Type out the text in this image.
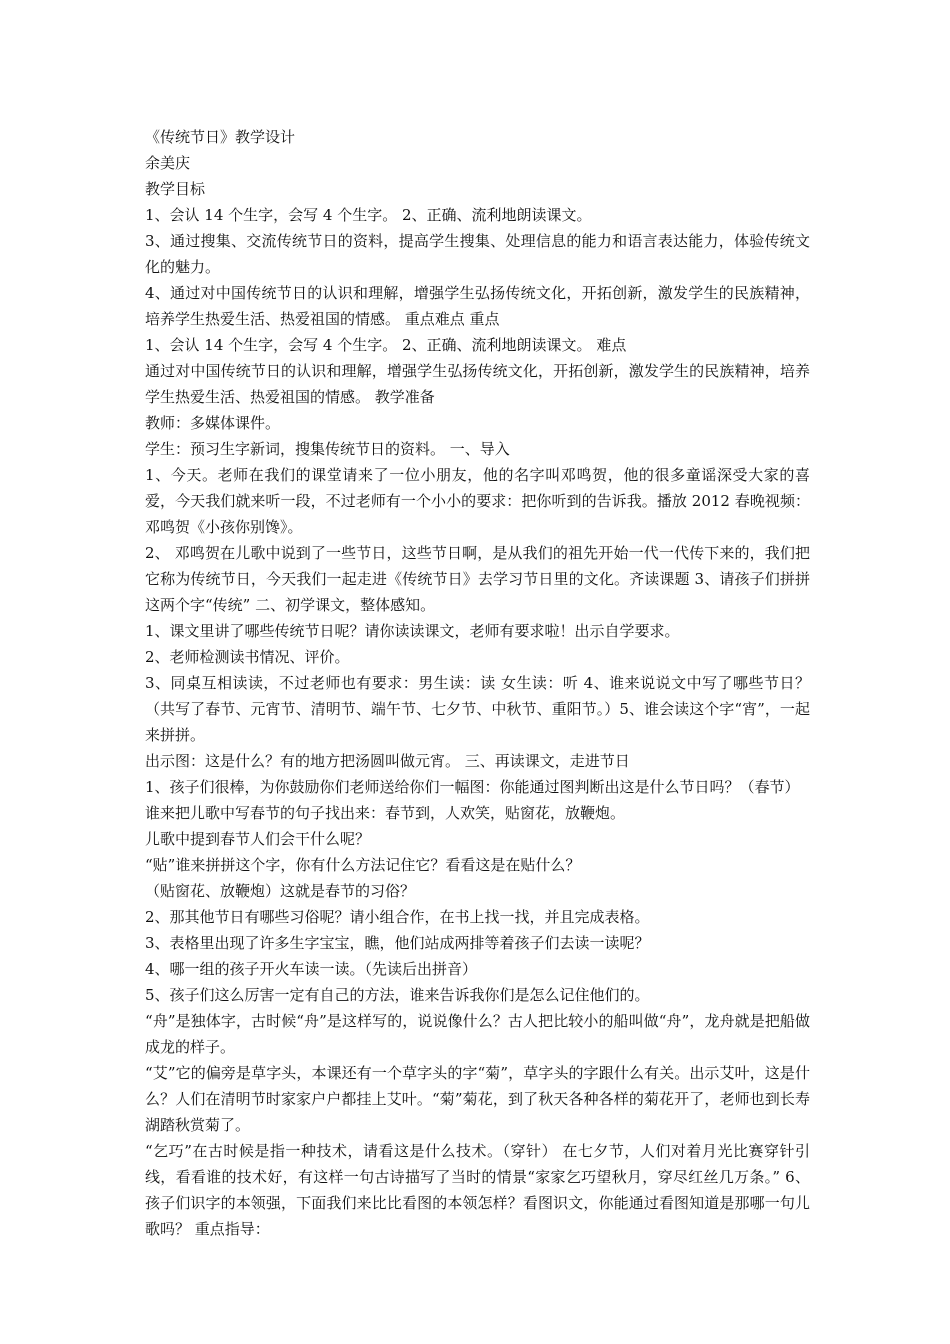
《传统节日》教学设计

余美庆

教学目标

1、会认 14 个生字，会写 4 个生字。 2、正确、流利地朗读课文。

3、通过搜集、交流传统节日的资料，提高学生搜集、处理信息的能力和语言表达能力，体验传统文化的魅力。

4、通过对中国传统节日的认识和理解，增强学生弘扬传统文化，开拓创新，激发学生的民族精神，培养学生热爱生活、热爱祖国的情感。 重点难点 重点

1、会认 14 个生字，会写 4 个生字。 2、正确、流利地朗读课文。 难点

通过对中国传统节日的认识和理解，增强学生弘扬传统文化，开拓创新，激发学生的民族精神，培养学生热爱生活、热爱祖国的情感。 教学准备

教师：多媒体课件。

学生：预习生字新词，搜集传统节日的资料。 一、导入

1、今天。老师在我们的课堂请来了一位小朋友，他的名字叫邓鸣贺，他的很多童谣深受大家的喜爱，今天我们就来听一段，不过老师有一个小小的要求：把你听到的告诉我。播放 2012 春晚视频：邓鸣贺《小孩你别馋》。

2、 邓鸣贺在儿歌中说到了一些节日，这些节日啊，是从我们的祖先开始一代一代传下来的，我们把它称为传统节日，今天我们一起走进《传统节日》去学习节日里的文化。齐读课题 3、请孩子们拼拼这两个字“传统” 二、初学课文，整体感知。

1、课文里讲了哪些传统节日呢？请你读读课文，老师有要求啦！出示自学要求。

2、老师检测读书情况、评价。

3、同桌互相读读，不过老师也有要求：男生读：读 女生读：听 4、谁来说说文中写了哪些节日？（共写了春节、元宵节、清明节、端午节、七夕节、中秋节、重阳节。）5、谁会读这个字“宵”，一起来拼拼。

出示图：这是什么？有的地方把汤圆叫做元宵。 三、再读课文，走进节日

1、孩子们很棒，为你鼓励你们老师送给你们一幅图：你能通过图判断出这是什么节日吗？（春节）

谁来把儿歌中写春节的句子找出来：春节到，人欢笑，贴窗花，放鞭炮。

儿歌中提到春节人们会干什么呢？

“贴”谁来拼拼这个字，你有什么方法记住它？看看这是在贴什么？

（贴窗花、放鞭炮）这就是春节的习俗？

2、那其他节日有哪些习俗呢？请小组合作，在书上找一找，并且完成表格。

3、表格里出现了许多生字宝宝，瞧，他们站成两排等着孩子们去读一读呢？

4、哪一组的孩子开火车读一读。（先读后出拼音）

5、孩子们这么厉害一定有自己的方法，谁来告诉我你们是怎么记住他们的。

“舟”是独体字，古时候“舟”是这样写的，说说像什么？古人把比较小的船叫做“舟”，龙舟就是把船做成龙的样子。

“艾”它的偏旁是草字头，本课还有一个草字头的字“菊”，草字头的字跟什么有关。出示艾叶，这是什么？人们在清明节时家家户户都挂上艾叶。“菊”菊花，到了秋天各种各样的菊花开了，老师也到长寿湖踏秋赏菊了。

“乞巧”在古时候是指一种技术，请看这是什么技术。（穿针） 在七夕节，人们对着月光比赛穿针引线，看看谁的技术好，有这样一句古诗描写了当时的情景“家家乞巧望秋月，穿尽红丝几万条。” 6、孩子们识字的本领强，下面我们来比比看图的本领怎样？看图识文，你能通过看图知道是那哪一句儿歌吗？ 重点指导：
